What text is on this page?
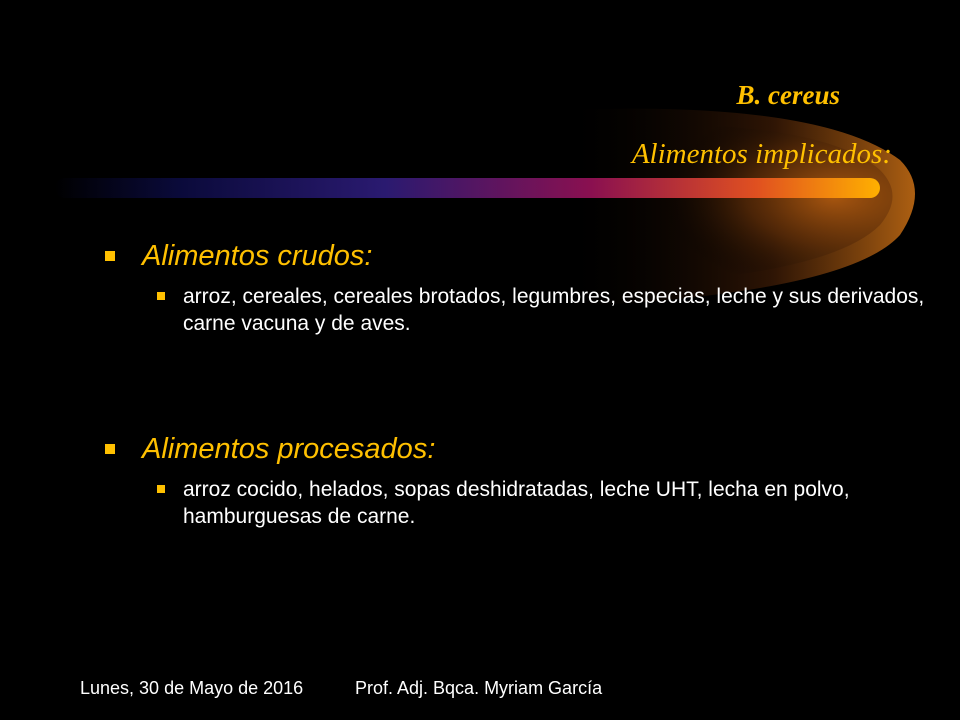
B. cereus
Alimentos implicados:
Alimentos crudos:
arroz, cereales, cereales brotados, legumbres, especias, leche y sus derivados, carne vacuna y de aves.
Alimentos procesados:
arroz cocido, helados, sopas deshidratadas, leche UHT, lecha en polvo, hamburguesas de carne.
Lunes, 30 de Mayo de 2016	Prof. Adj. Bqca. Myriam García
